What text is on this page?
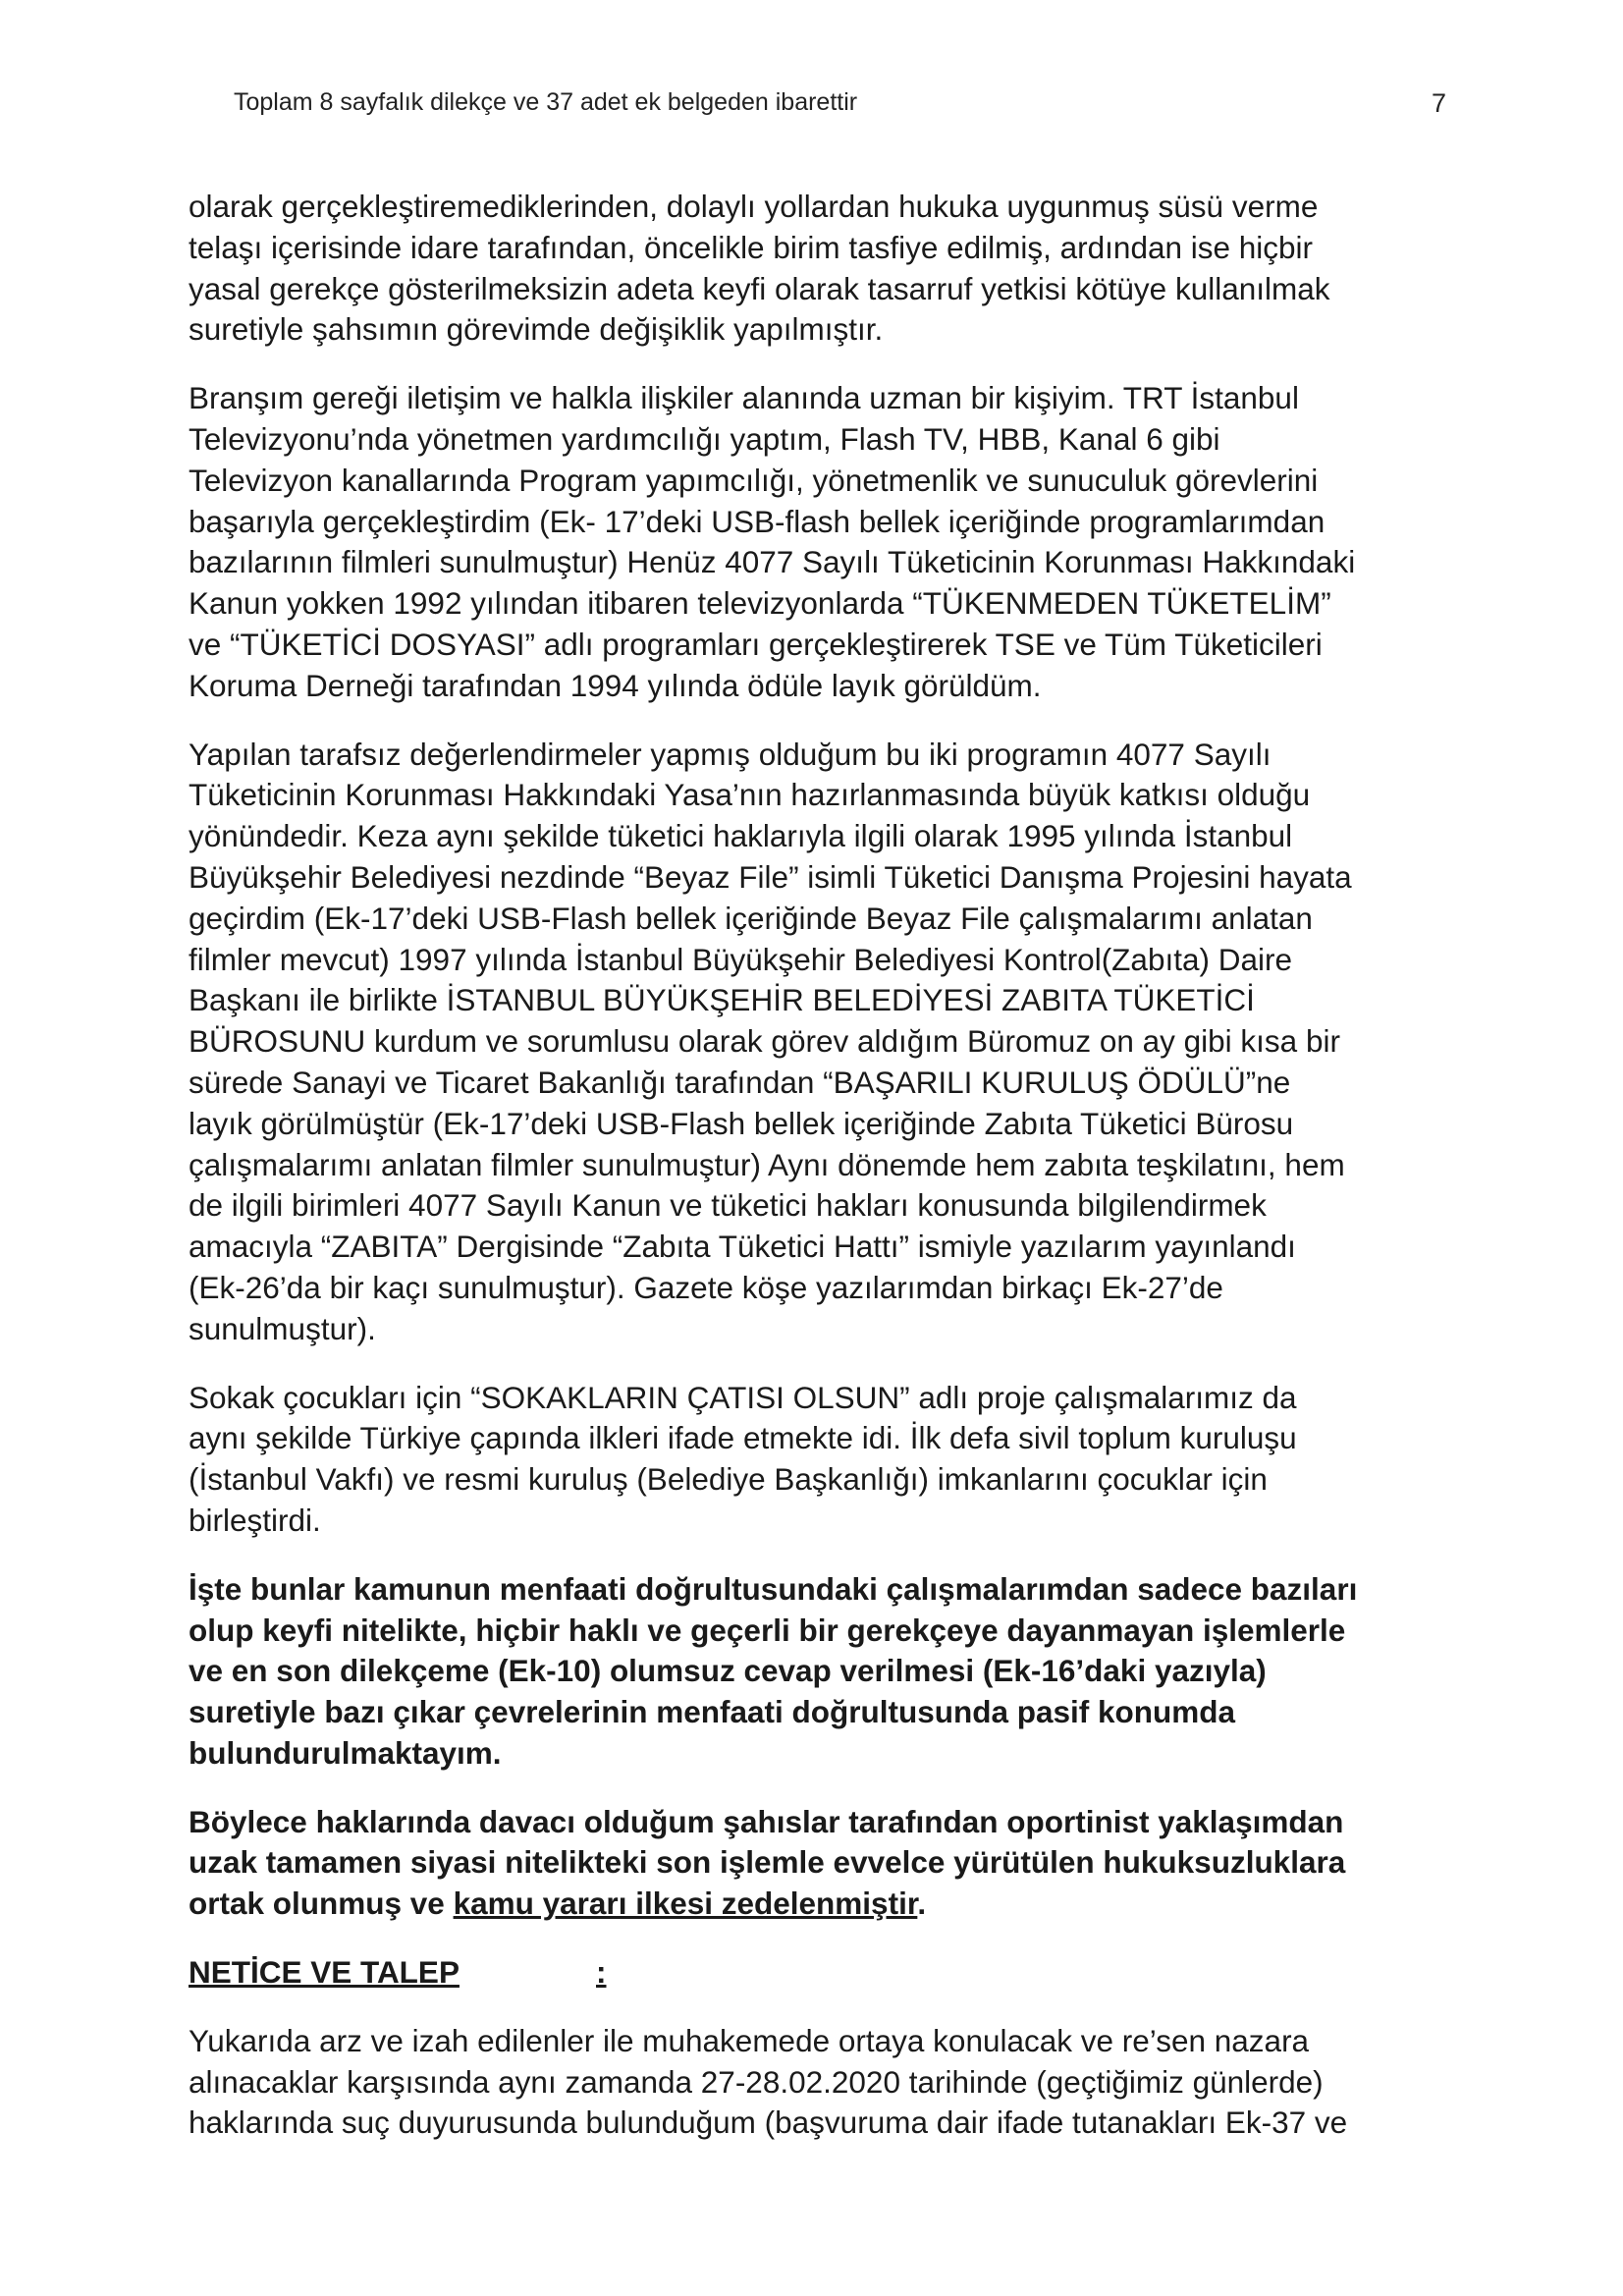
Toplam 8 sayfalık dilekçe ve 37 adet ek belgeden ibarettir	7

olarak gerçekleştiremediklerinden, dolaylı yollardan hukuka uygunmuş süsü verme
telaşı içerisinde idare tarafından, öncelikle birim tasfiye edilmiş, ardından ise hiçbir
yasal gerekçe gösterilmeksizin adeta keyfi olarak tasarruf yetkisi kötüye kullanılmak
suretiyle şahsımın görevimde değişiklik yapılmıştır.

Branşım gereği iletişim ve halkla ilişkiler alanında uzman bir kişiyim. TRT İstanbul
Televizyonu’nda yönetmen yardımcılığı yaptım, Flash TV, HBB, Kanal 6 gibi
Televizyon kanallarında Program yapımcılığı, yönetmenlik ve sunuculuk görevlerini
başarıyla gerçekleştirdim (Ek- 17’deki USB-flash bellek içeriğinde programlarımdan
bazılarının filmleri sunulmuştur) Henüz 4077 Sayılı Tüketicinin Korunması Hakkındaki
Kanun yokken 1992 yılından itibaren televizyonlarda “TÜKENMEDEN TÜKETELİM”
ve “TÜKETİCİ DOSYASI” adlı programları gerçekleştirerek TSE ve Tüm Tüketicileri
Koruma Derneği tarafından 1994 yılında ödüle layık görüldüm.

Yapılan tarafsız değerlendirmeler yapmış olduğum bu iki programın 4077 Sayılı
Tüketicinin Korunması Hakkındaki Yasa’nın hazırlanmasında büyük katkısı olduğu
yönündedir. Keza aynı şekilde tüketici haklarıyla ilgili olarak 1995 yılında İstanbul
Büyükşehir Belediyesi nezdinde “Beyaz File” isimli Tüketici Danışma Projesini hayata
geçirdim (Ek-17’deki USB-Flash bellek içeriğinde Beyaz File çalışmalarımı anlatan
filmler mevcut) 1997 yılında İstanbul Büyükşehir Belediyesi Kontrol(Zabıta) Daire
Başkanı ile birlikte İSTANBUL BÜYÜKŞEHİR BELEDİYESİ ZABITA TÜKETİCİ
BÜROSUNU kurdum ve sorumlusu olarak görev aldığım Büromuz on ay gibi kısa bir
sürede Sanayi ve Ticaret Bakanlığı tarafından “BAŞARILI KURULUŞ ÖDÜLÜ”ne
layık görülmüştür (Ek-17’deki USB-Flash bellek içeriğinde Zabıta Tüketici Bürosu
çalışmalarımı anlatan filmler sunulmuştur) Aynı dönemde hem zabıta teşkilatını, hem
de ilgili birimleri 4077 Sayılı Kanun ve tüketici hakları konusunda bilgilendirmek
amacıyla “ZABITA” Dergisinde “Zabıta Tüketici Hattı” ismiyle yazılarım yayınlandı
(Ek-26’da bir kaçı sunulmuştur). Gazete köşe yazılarımdan birkaçı Ek-27’de
sunulmuştur).

Sokak çocukları için “SOKAKLARIN ÇATISI OLSUN” adlı proje çalışmalarımız da
aynı şekilde Türkiye çapında ilkleri ifade etmekte idi. İlk defa sivil toplum kuruluşu
(İstanbul Vakfı) ve resmi kuruluş (Belediye Başkanlığı) imkanlarını çocuklar için
birleştirdi.

İşte bunlar kamunun menfaati doğrultusundaki çalışmalarımdan sadece bazıları
olup keyfi nitelikte, hiçbir haklı ve geçerli bir gerekçeye dayanmayan işlemlerle
ve en son dilekçeme (Ek-10) olumsuz cevap verilmesi (Ek-16’daki yazıyla)
suretiyle bazı çıkar çevrelerinin menfaati doğrultusunda pasif konumda
bulundurulmaktayım.

Böylece haklarında davacı olduğum şahıslar tarafından oportinist yaklaşımdan
uzak tamamen siyasi nitelikteki son işlemle evvelce yürütülen hukuksuzluklara
ortak olunmuş ve kamu yararı ilkesi zedelenmiştir.

NETİCE VE TALEP	:

Yukarıda arz ve izah edilenler ile muhakemede ortaya konulacak ve re’sen nazara
alınacaklar karşısında aynı zamanda 27-28.02.2020 tarihinde (geçtiğimiz günlerde)
haklarında suç duyurusunda bulunduğum (başvuruma dair ifade tutanakları Ek-37 ve
